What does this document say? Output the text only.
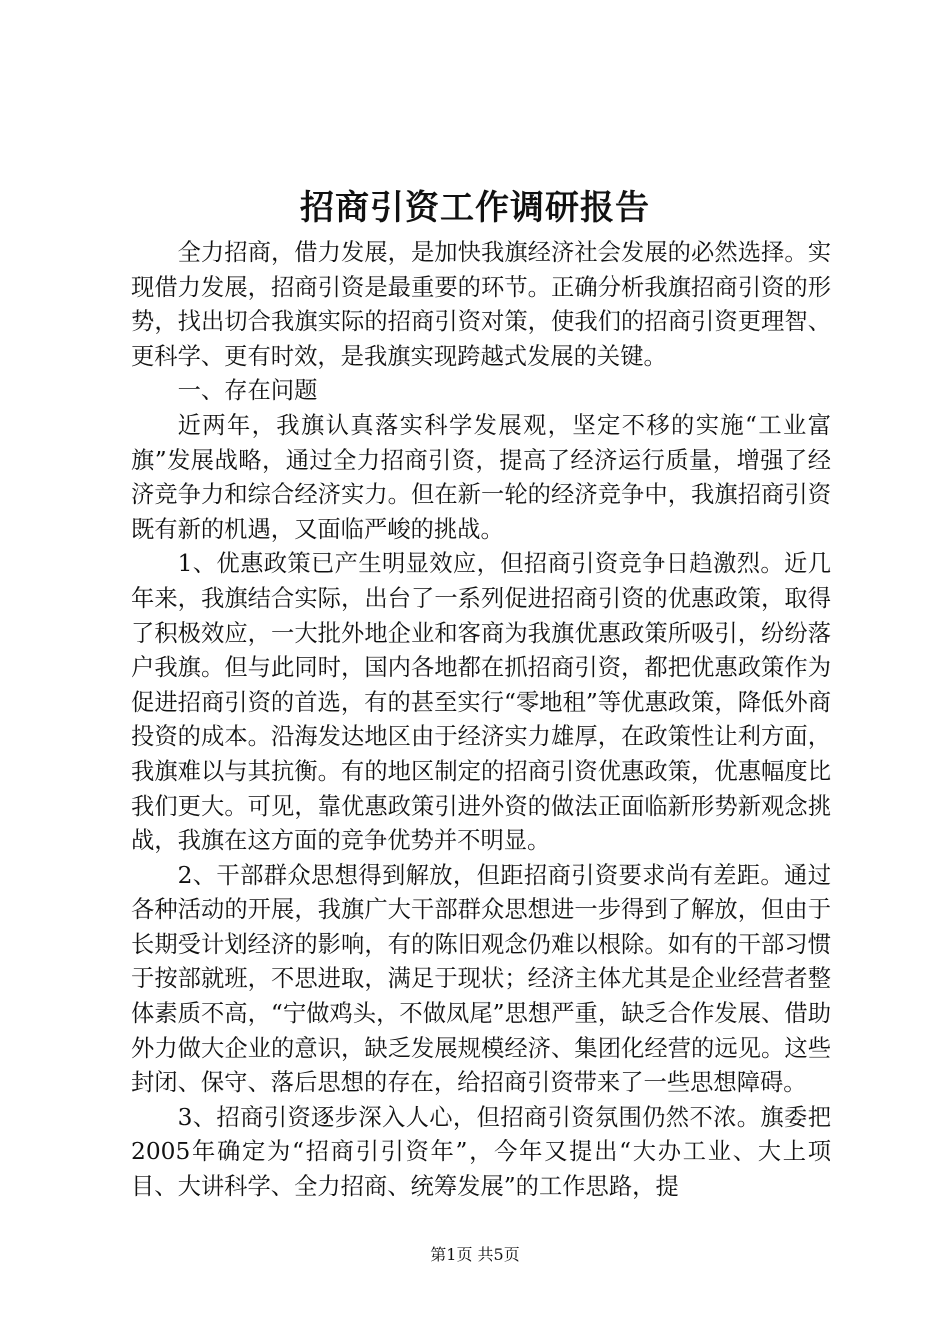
招商引资工作调研报告

全力招商，借力发展，是加快我旗经济社会发展的必然选择。实现借力发展，招商引资是最重要的环节。正确分析我旗招商引资的形势，找出切合我旗实际的招商引资对策，使我们的招商引资更理智、更科学、更有时效，是我旗实现跨越式发展的关键。

一、存在问题

近两年，我旗认真落实科学发展观，坚定不移的实施“工业富旗”发展战略，通过全力招商引资，提高了经济运行质量，增强了经济竞争力和综合经济实力。但在新一轮的经济竞争中，我旗招商引资既有新的机遇，又面临严峻的挑战。

1、优惠政策已产生明显效应，但招商引资竞争日趋激烈。近几年来，我旗结合实际，出台了一系列促进招商引资的优惠政策，取得了积极效应，一大批外地企业和客商为我旗优惠政策所吸引，纷纷落户我旗。但与此同时，国内各地都在抓招商引资，都把优惠政策作为促进招商引资的首选，有的甚至实行“零地租”等优惠政策，降低外商投资的成本。沿海发达地区由于经济实力雄厚，在政策性让利方面，我旗难以与其抗衡。有的地区制定的招商引资优惠政策，优惠幅度比我们更大。可见，靠优惠政策引进外资的做法正面临新形势新观念挑战，我旗在这方面的竞争优势并不明显。

2、干部群众思想得到解放，但距招商引资要求尚有差距。通过各种活动的开展，我旗广大干部群众思想进一步得到了解放，但由于长期受计划经济的影响，有的陈旧观念仍难以根除。如有的干部习惯于按部就班，不思进取，满足于现状；经济主体尤其是企业经营者整体素质不高，“宁做鸡头，不做凤尾”思想严重，缺乏合作发展、借助外力做大企业的意识，缺乏发展规模经济、集团化经营的远见。这些封闭、保守、落后思想的存在，给招商引资带来了一些思想障碍。

3、招商引资逐步深入人心，但招商引资氛围仍然不浓。旗委把2005年确定为“招商引引资年”，今年又提出“大办工业、大上项目、大讲科学、全力招商、统筹发展”的工作思路，提

第1页 共5页
